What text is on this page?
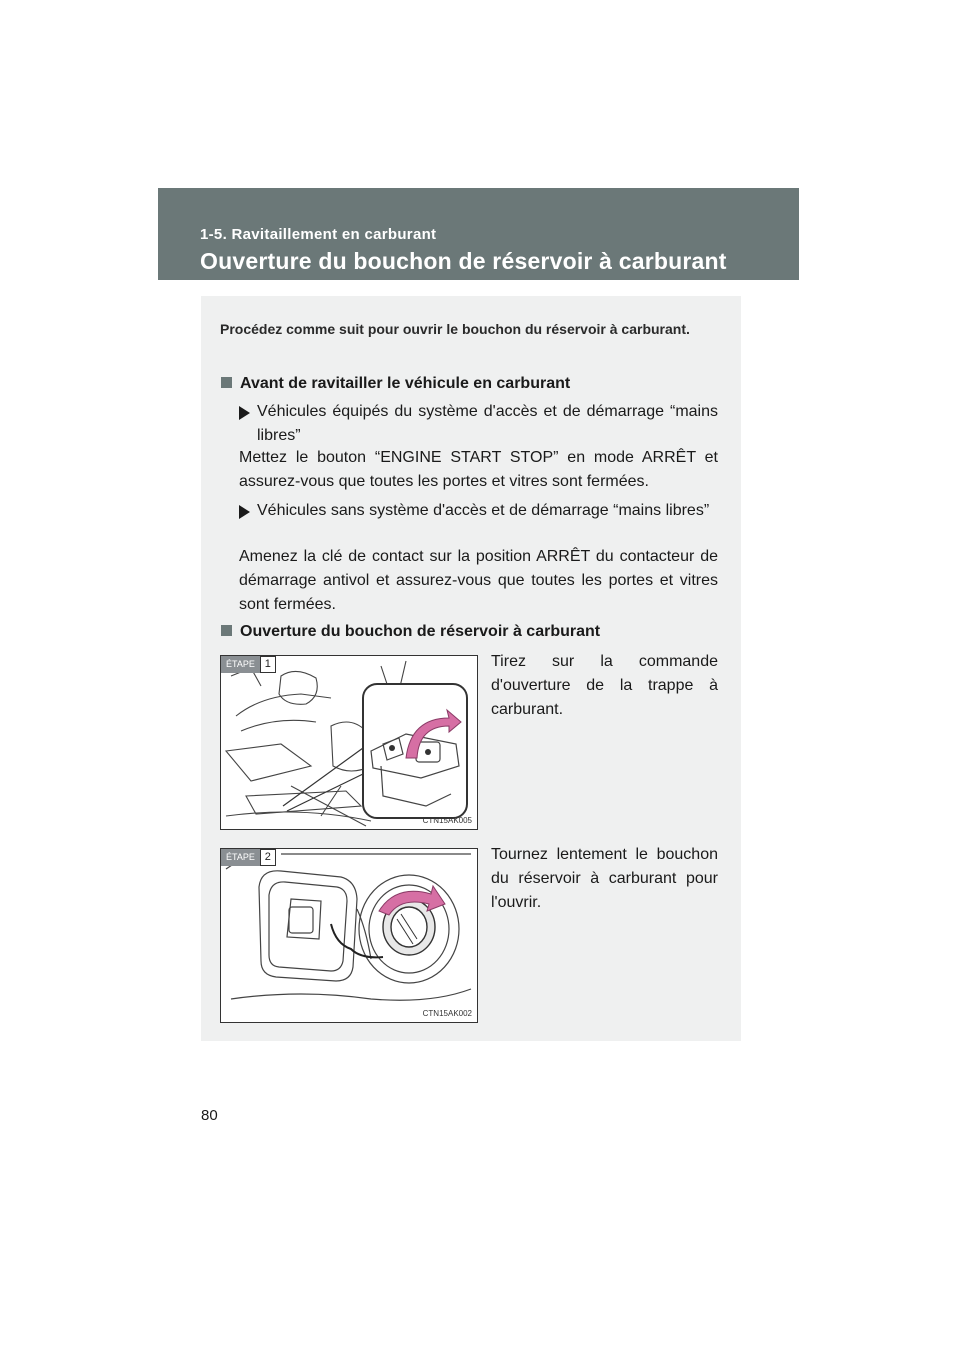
1-5. Ravitaillement en carburant
Ouverture du bouchon de réservoir à carburant
Procédez comme suit pour ouvrir le bouchon du réservoir à carburant.
Avant de ravitailler le véhicule en carburant
Véhicules équipés du système d'accès et de démarrage “mains libres”
Mettez le bouton “ENGINE START STOP” en mode ARRÊT et assurez-vous que toutes les portes et vitres sont fermées.
Véhicules sans système d'accès et de démarrage “mains libres”
Amenez la clé de contact sur la position ARRÊT du contacteur de démarrage antivol et assurez-vous que toutes les portes et vitres sont fermées.
Ouverture du bouchon de réservoir à carburant
ÉTAPE 1
CTN15AK005
Tirez sur la commande d'ouverture de la trappe à carburant.
ÉTAPE 2
CTN15AK002
Tournez lentement le bouchon du réservoir à carburant pour l'ouvrir.
80
